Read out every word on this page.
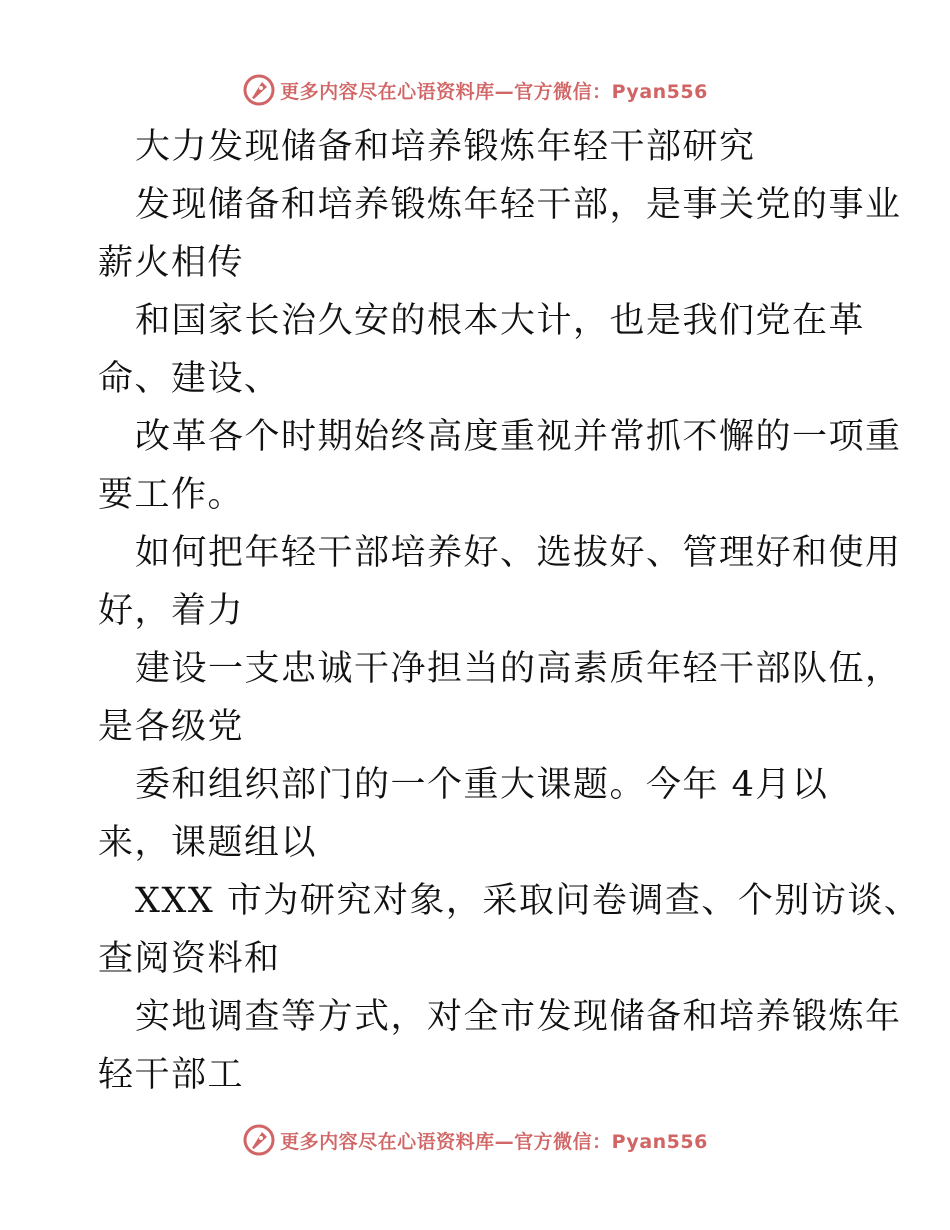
更多内容尽在心语资料库—官方微信：Pyan556
大力发现储备和培养锻炼年轻干部研究
发现储备和培养锻炼年轻干部，是事关党的事业
薪火相传
和国家长治久安的根本大计，也是我们党在革
命、建设、
改革各个时期始终高度重视并常抓不懈的一项重
要工作。
如何把年轻干部培养好、选拔好、管理好和使用
好，着力
建设一支忠诚干净担当的高素质年轻干部队伍，
是各级党
委和组织部门的一个重大课题。今年 4月以
来，课题组以
XXX 市为研究对象，采取问卷调查、个别访谈、
查阅资料和
实地调查等方式，对全市发现储备和培养锻炼年
轻干部工
更多内容尽在心语资料库—官方微信：Pyan556
